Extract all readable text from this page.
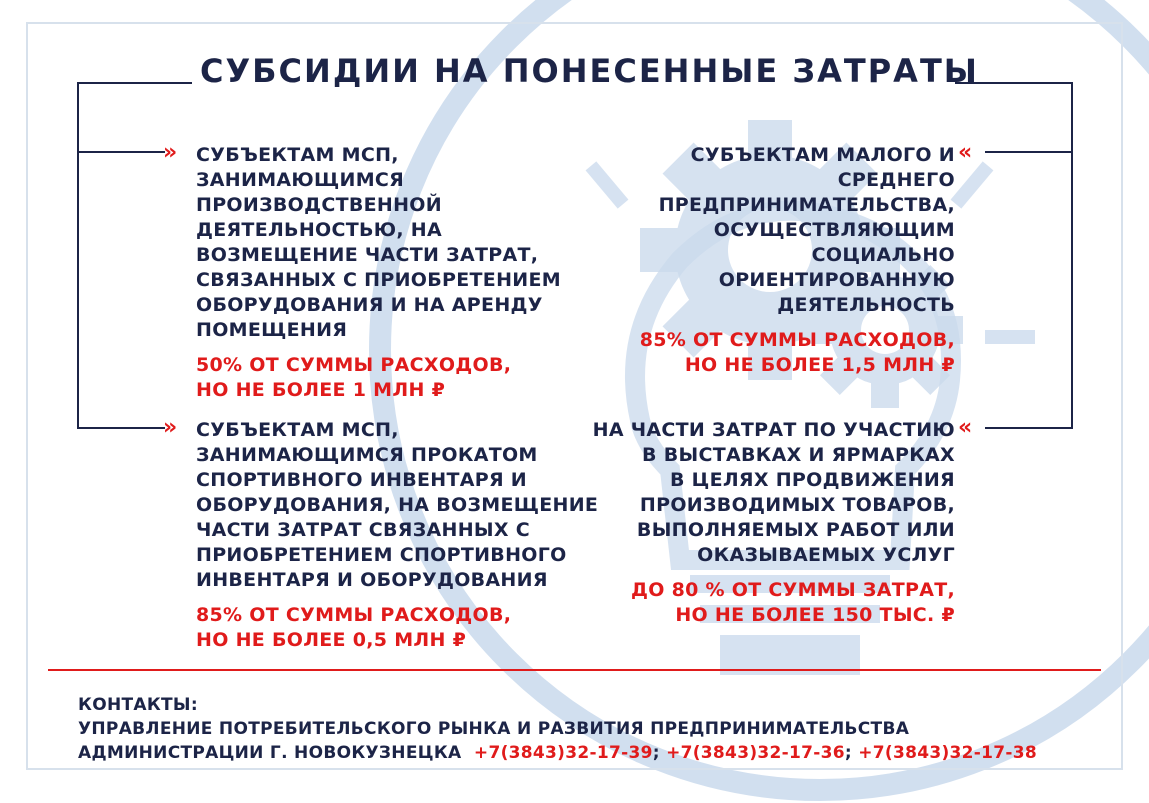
СУБСИДИИ НА ПОНЕСЕННЫЕ ЗАТРАТЫ
»
»
«
«
СУБЪЕКТАМ МСП,
ЗАНИМАЮЩИМСЯ
ПРОИЗВОДСТВЕННОЙ
ДЕЯТЕЛЬНОСТЬЮ, НА
ВОЗМЕЩЕНИЕ ЧАСТИ ЗАТРАТ,
СВЯЗАННЫХ С ПРИОБРЕТЕНИЕМ
ОБОРУДОВАНИЯ И НА АРЕНДУ
ПОМЕЩЕНИЯ
50% ОТ СУММЫ РАСХОДОВ,
НО НЕ БОЛЕЕ 1 МЛН ₽
СУБЪЕКТАМ МАЛОГО И
СРЕДНЕГО
ПРЕДПРИНИМАТЕЛЬСТВА,
ОСУЩЕСТВЛЯЮЩИМ
СОЦИАЛЬНО
ОРИЕНТИРОВАННУЮ
ДЕЯТЕЛЬНОСТЬ
85% ОТ СУММЫ РАСХОДОВ,
НО НЕ БОЛЕЕ 1,5 МЛН ₽
СУБЪЕКТАМ МСП,
ЗАНИМАЮЩИМСЯ ПРОКАТОМ
СПОРТИВНОГО ИНВЕНТАРЯ И
ОБОРУДОВАНИЯ, НА ВОЗМЕЩЕНИЕ
ЧАСТИ ЗАТРАТ СВЯЗАННЫХ С
ПРИОБРЕТЕНИЕМ СПОРТИВНОГО
ИНВЕНТАРЯ И ОБОРУДОВАНИЯ
85% ОТ СУММЫ РАСХОДОВ,
НО НЕ БОЛЕЕ 0,5 МЛН ₽
НА ЧАСТИ ЗАТРАТ ПО УЧАСТИЮ
В ВЫСТАВКАХ И ЯРМАРКАХ
В ЦЕЛЯХ ПРОДВИЖЕНИЯ
ПРОИЗВОДИМЫХ ТОВАРОВ,
ВЫПОЛНЯЕМЫХ РАБОТ ИЛИ
ОКАЗЫВАЕМЫХ УСЛУГ
ДО 80 % ОТ СУММЫ ЗАТРАТ,
НО НЕ БОЛЕЕ 150 ТЫС. ₽
КОНТАКТЫ:
УПРАВЛЕНИЕ ПОТРЕБИТЕЛЬСКОГО РЫНКА И РАЗВИТИЯ ПРЕДПРИНИМАТЕЛЬСТВА
АДМИНИСТРАЦИИ Г. НОВОКУЗНЕЦКА +7(3843)32-17-39; +7(3843)32-17-36; +7(3843)32-17-38
